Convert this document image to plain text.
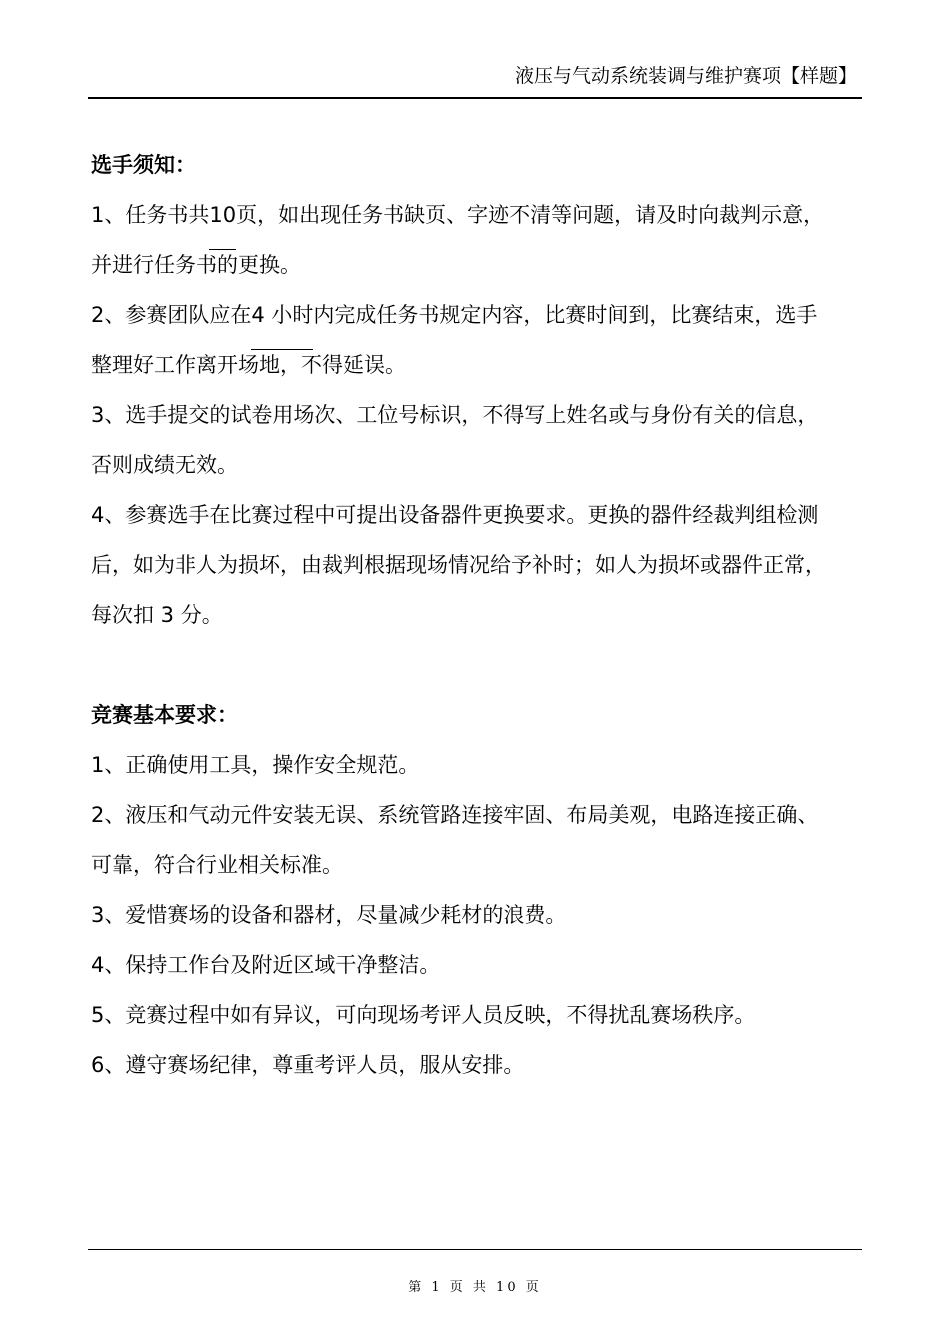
液压与气动系统装调与维护赛项【样题】

选手须知：

1、任务书共10页，如出现任务书缺页、字迹不清等问题，请及时向裁判示意，

并进行任务书的更换。

2、参赛团队应在4 小时内完成任务书规定内容，比赛时间到，比赛结束，选手

整理好工作离开场地，不得延误。

3、选手提交的试卷用场次、工位号标识，不得写上姓名或与身份有关的信息，

否则成绩无效。

4、参赛选手在比赛过程中可提出设备器件更换要求。更换的器件经裁判组检测

后，如为非人为损坏，由裁判根据现场情况给予补时；如人为损坏或器件正常，

每次扣 3 分。

竞赛基本要求：

1、正确使用工具，操作安全规范。

2、液压和气动元件安装无误、系统管路连接牢固、布局美观，电路连接正确、

可靠，符合行业相关标准。

3、爱惜赛场的设备和器材，尽量减少耗材的浪费。

4、保持工作台及附近区域干净整洁。

5、竞赛过程中如有异议，可向现场考评人员反映，不得扰乱赛场秩序。

6、遵守赛场纪律，尊重考评人员，服从安排。

第 1 页 共 10 页
